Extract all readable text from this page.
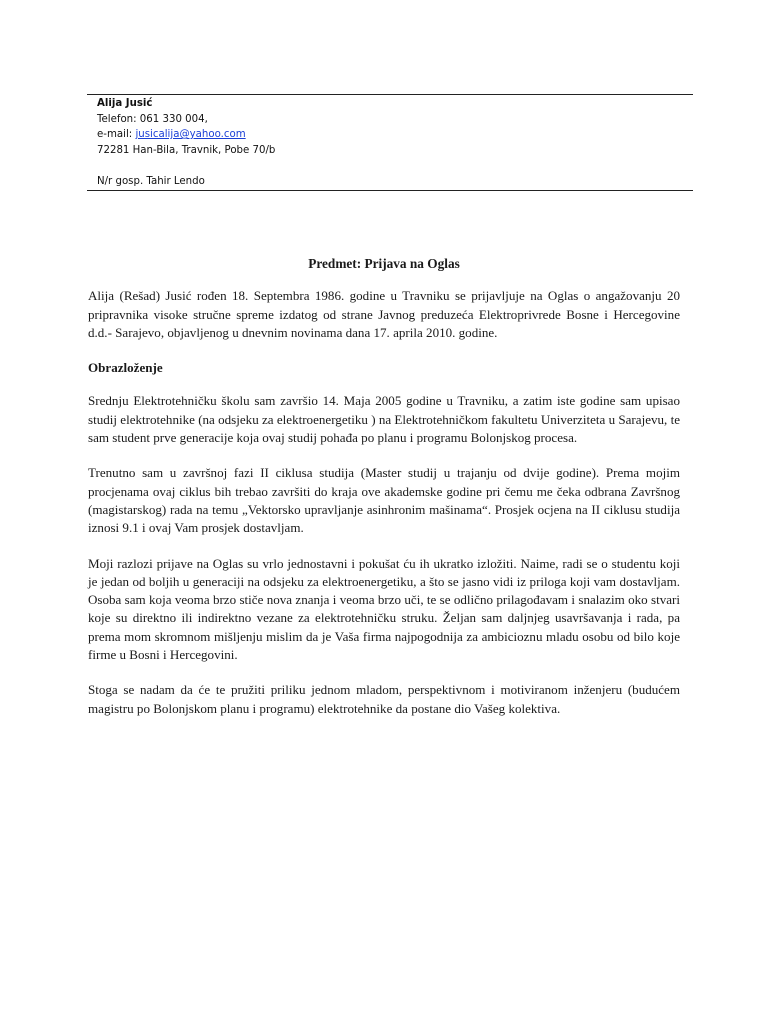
Alija Jusić
Telefon: 061 330 004,
e-mail: jusicalija@yahoo.com
72281 Han-Bila, Travnik, Pobe 70/b
N/r gosp. Tahir Lendo
Predmet: Prijava na Oglas

Alija (Rešad) Jusić rođen 18. Septembra 1986. godine u Travniku se prijavljuje na Oglas o angažovanju 20 pripravnika visoke stručne spreme izdatog od strane Javnog preduzeća Elektroprivrede Bosne i Hercegovine d.d.- Sarajevo, objavljenog u dnevnim novinama dana 17. aprila 2010. godine.

Obrazloženje

Srednju Elektrotehničku školu sam završio 14. Maja 2005 godine u Travniku, a zatim iste godine sam upisao studij elektrotehnike (na odsjeku za elektroenergetiku ) na Elektrotehničkom fakultetu Univerziteta u Sarajevu, te sam student prve generacije koja ovaj studij pohađa po planu i programu Bolonjskog procesa.

Trenutno sam u završnoj fazi II ciklusa studija (Master studij u trajanju od dvije godine). Prema mojim procjenama ovaj ciklus bih trebao završiti do kraja ove akademske godine pri čemu me čeka odbrana Završnog (magistarskog) rada na temu „Vektorsko upravljanje asinhronim mašinama“. Prosjek ocjena na II ciklusu studija iznosi 9.1 i ovaj Vam prosjek dostavljam.

Moji razlozi prijave na Oglas su vrlo jednostavni i pokušat ću ih ukratko izložiti. Naime, radi se o studentu koji je jedan od boljih u generaciji na odsjeku za elektroenergetiku, a što se jasno vidi iz priloga koji vam dostavljam. Osoba sam koja veoma brzo stiče nova znanja i veoma brzo uči, te se odlično prilagođavam i snalazim oko stvari koje su direktno ili indirektno vezane za elektrotehničku struku. Željan sam daljnjeg usavršavanja i rada, pa prema mom skromnom mišljenju mislim da je Vaša firma najpogodnija za ambicioznu mladu osobu od bilo koje firme u Bosni i Hercegovini.

Stoga se nadam da će te pružiti priliku jednom mladom, perspektivnom i motiviranom inženjeru (budućem magistru po Bolonjskom planu i programu) elektrotehnike da postane dio Vašeg kolektiva.
